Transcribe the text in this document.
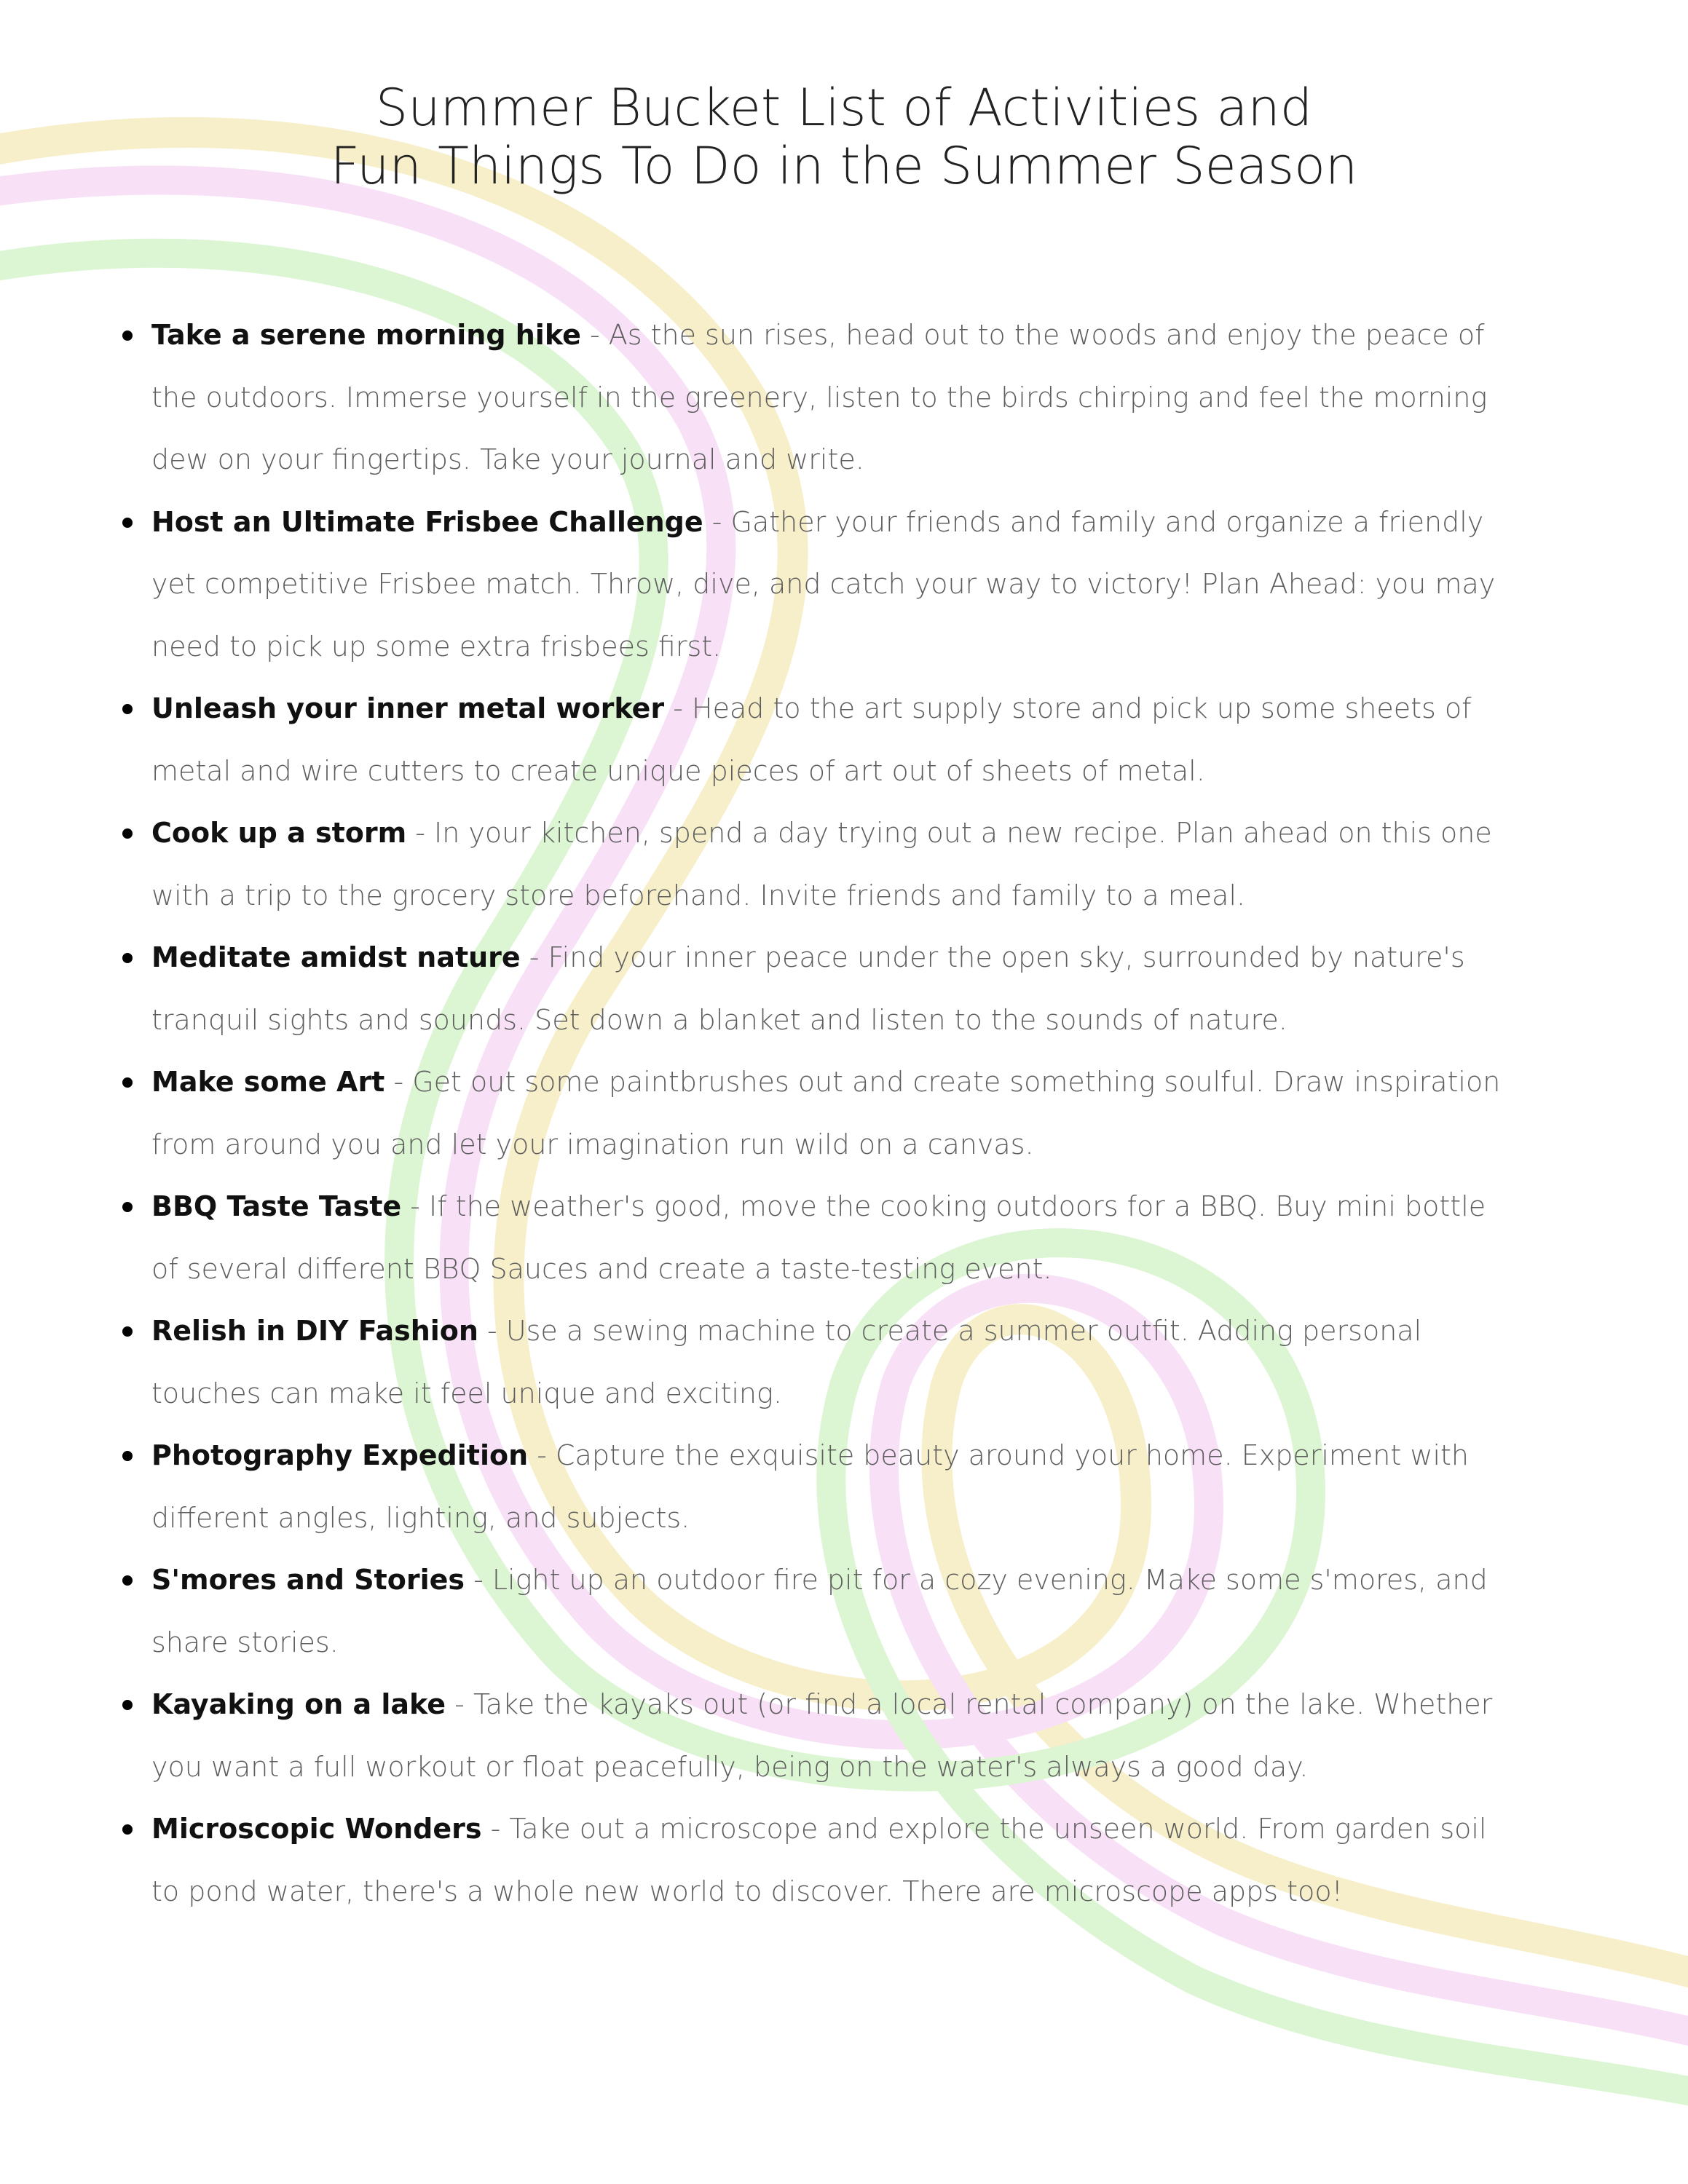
Summer Bucket List of Activities and
Fun Things To Do in the Summer Season
Take a serene morning hike - As the sun rises, head out to the woods and enjoy the peace of the outdoors. Immerse yourself in the greenery, listen to the birds chirping and feel the morning dew on your fingertips. Take your journal and write.
Host an Ultimate Frisbee Challenge - Gather your friends and family and organize a friendly yet competitive Frisbee match. Throw, dive, and catch your way to victory! Plan Ahead: you may need to pick up some extra frisbees first.
Unleash your inner metal worker - Head to the art supply store and pick up some sheets of metal and wire cutters to create unique pieces of art out of sheets of metal.
Cook up a storm - In your kitchen, spend a day trying out a new recipe. Plan ahead on this one with a trip to the grocery store beforehand. Invite friends and family to a meal.
Meditate amidst nature - Find your inner peace under the open sky, surrounded by nature's tranquil sights and sounds. Set down a blanket and listen to the sounds of nature.
Make some Art - Get out some paintbrushes out and create something soulful. Draw inspiration from around you and let your imagination run wild on a canvas.
BBQ Taste Taste - If the weather's good, move the cooking outdoors for a BBQ. Buy mini bottle of several different BBQ Sauces and create a taste-testing event.
Relish in DIY Fashion - Use a sewing machine to create a summer outfit. Adding personal touches can make it feel unique and exciting.
Photography Expedition - Capture the exquisite beauty around your home. Experiment with different angles, lighting, and subjects.
S'mores and Stories - Light up an outdoor fire pit for a cozy evening. Make some s'mores, and share stories.
Kayaking on a lake - Take the kayaks out (or find a local rental company) on the lake. Whether you want a full workout or float peacefully, being on the water's always a good day.
Microscopic Wonders - Take out a microscope and explore the unseen world. From garden soil to pond water, there's a whole new world to discover. There are microscope apps too!
